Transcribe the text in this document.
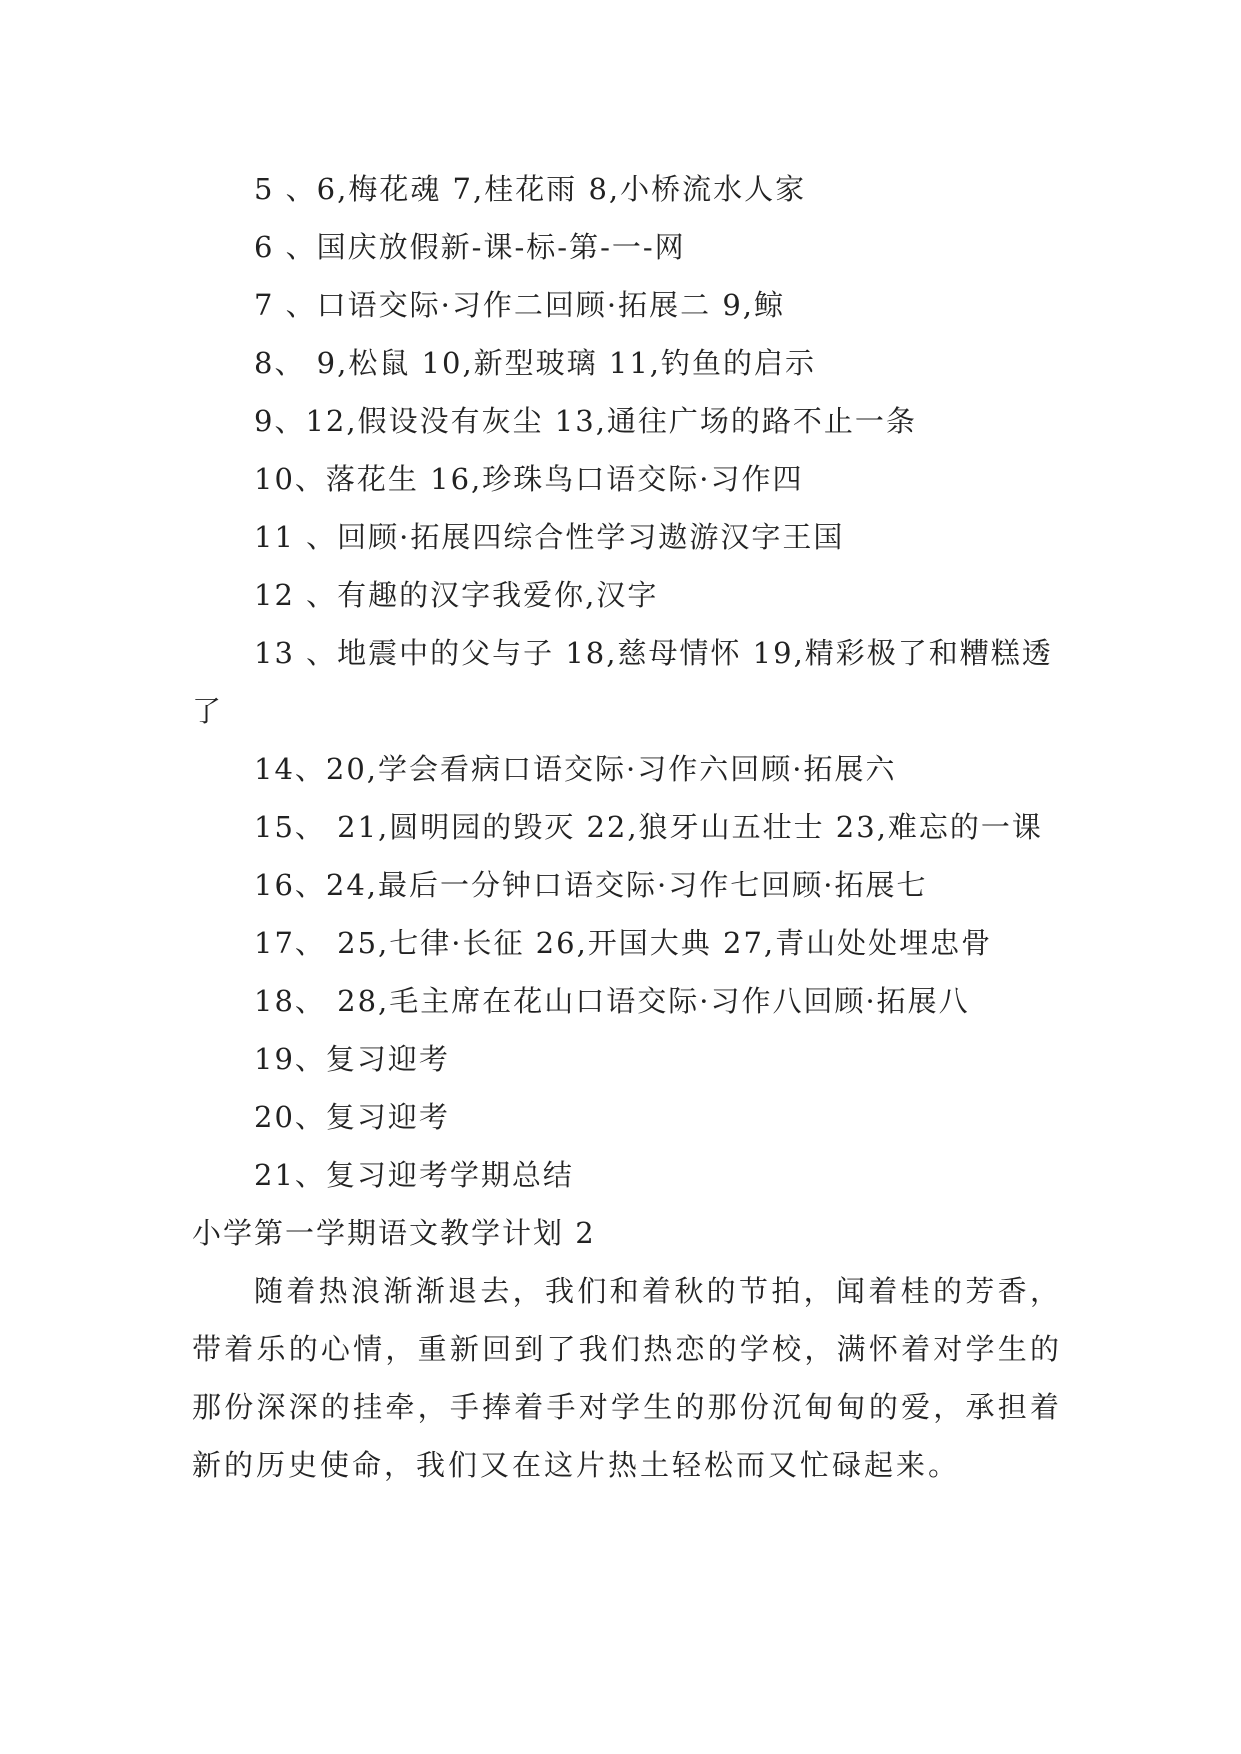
5 、6,梅花魂 7,桂花雨 8,小桥流水人家

6 、国庆放假新-课-标-第-一-网

7 、口语交际·习作二回顾·拓展二 9,鲸

8、 9,松鼠 10,新型玻璃 11,钓鱼的启示

9、12,假设没有灰尘 13,通往广场的路不止一条

10、落花生 16,珍珠鸟口语交际·习作四

11 、回顾·拓展四综合性学习遨游汉字王国

12 、有趣的汉字我爱你,汉字

13 、地震中的父与子 18,慈母情怀 19,精彩极了和糟糕透了

14、20,学会看病口语交际·习作六回顾·拓展六

15、 21,圆明园的毁灭 22,狼牙山五壮士 23,难忘的一课

16、24,最后一分钟口语交际·习作七回顾·拓展七

17、 25,七律·长征 26,开国大典 27,青山处处埋忠骨

18、 28,毛主席在花山口语交际·习作八回顾·拓展八

19、复习迎考

20、复习迎考

21、复习迎考学期总结

小学第一学期语文教学计划 2

随着热浪渐渐退去，我们和着秋的节拍，闻着桂的芳香，带着乐的心情，重新回到了我们热恋的学校，满怀着对学生的那份深深的挂牵，手捧着手对学生的那份沉甸甸的爱，承担着新的历史使命，我们又在这片热土轻松而又忙碌起来。
